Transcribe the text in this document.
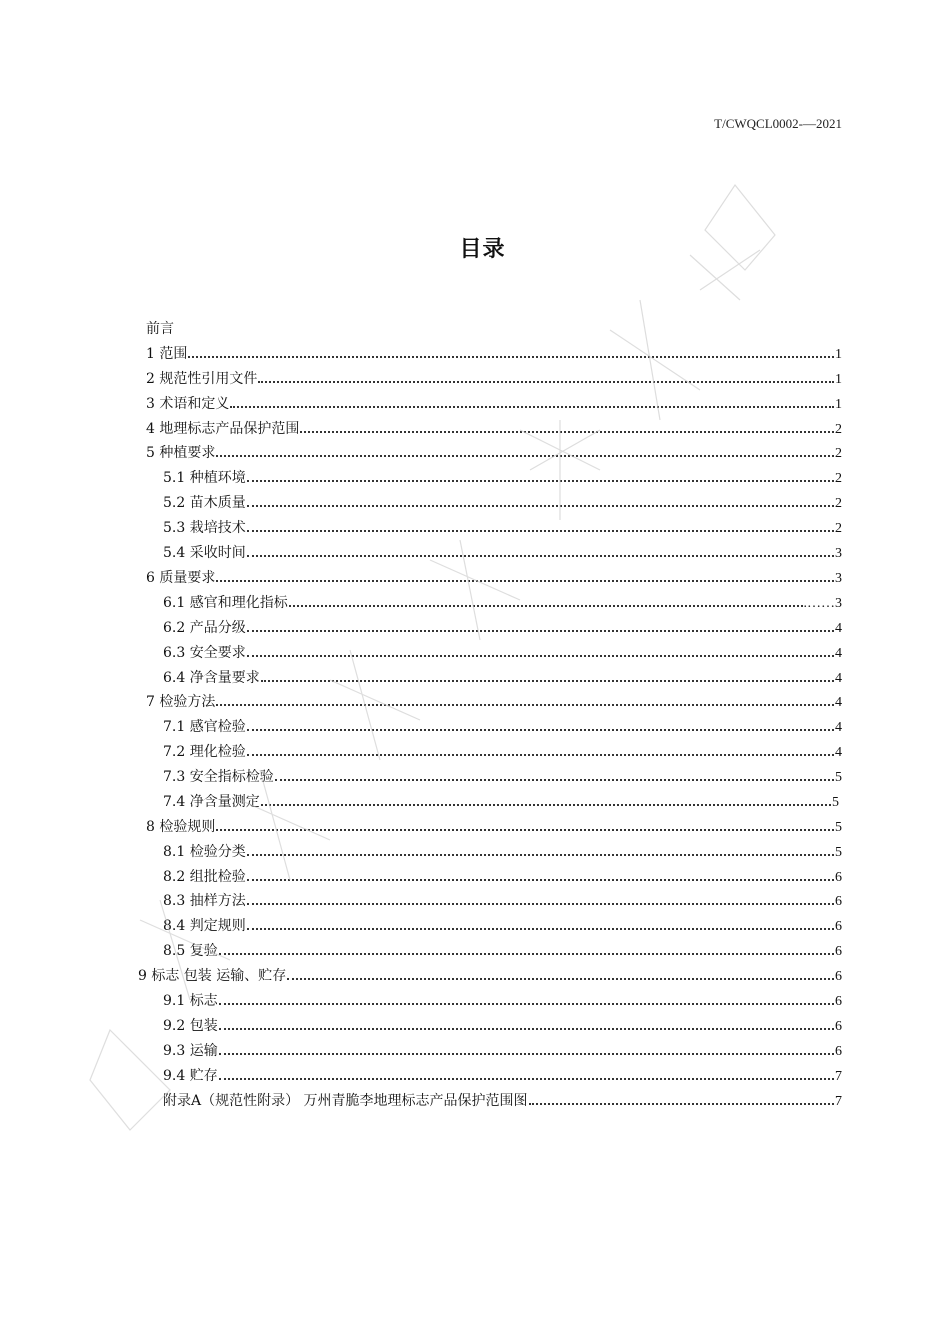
T/CWQCL0002-—2021
目录
前言
1 范围	1
2 规范性引用文件	1
3 术语和定义	1
4 地理标志产品保护范围	2
5 种植要求	2
5.1 种植环境	2
5.2 苗木质量	2
5.3 栽培技术	2
5.4 采收时间	3
6 质量要求	3
6.1 感官和理化指标	.……3
6.2 产品分级	4
6.3 安全要求	4
6.4 净含量要求	4
7 检验方法	4
7.1 感官检验	4
7.2 理化检验	4
7.3 安全指标检验	5
7.4 净含量测定	5
8 检验规则	5
8.1 检验分类	5
8.2 组批检验	6
8.3 抽样方法	6
8.4 判定规则	6
8.5 复验	6
9 标志 包装 运输、贮存	6
9.1 标志	6
9.2 包装	6
9.3 运输	6
9.4 贮存	7
附录A（规范性附录） 万州青脆李地理标志产品保护范围图	7
